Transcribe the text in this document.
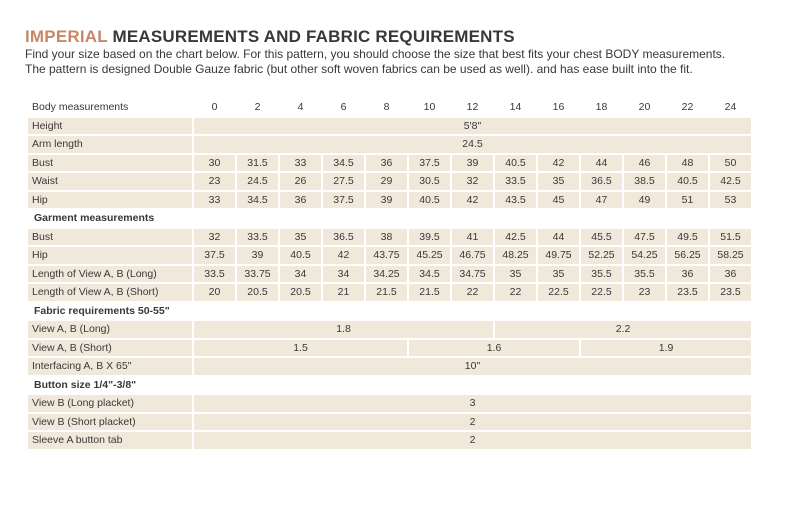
IMPERIAL MEASUREMENTS AND FABRIC REQUIREMENTS
Find your size based on the chart below. For this pattern, you should choose the size that best fits your chest BODY measurements.
The pattern is designed Double Gauze fabric (but other soft woven fabrics can be used as well). and has ease built into the fit.
Body measurements	0	2	4	6	8	10	12	14	16	18	20	22	24
Height	5'8"												
Arm length	24.5												
Bust	30	31.5	33	34.5	36	37.5	39	40.5	42	44	46	48	50
Waist	23	24.5	26	27.5	29	30.5	32	33.5	35	36.5	38.5	40.5	42.5
Hip	33	34.5	36	37.5	39	40.5	42	43.5	45	47	49	51	53
Garment measurements													
Bust	32	33.5	35	36.5	38	39.5	41	42.5	44	45.5	47.5	49.5	51.5
Hip	37.5	39	40.5	42	43.75	45.25	46.75	48.25	49.75	52.25	54.25	56.25	58.25
Length of View A, B (Long)	33.5	33.75	34	34	34.25	34.5	34.75	35	35	35.5	35.5	36	36
Length of View A, B (Short)	20	20.5	20.5	21	21.5	21.5	22	22	22.5	22.5	23	23.5	23.5
Fabric requirements 50-55"													
View A, B (Long)	1.8							2.2					
View A, B (Short)	1.5					1.6				1.9			
Interfacing A, B X 65"	10"												
Button size 1/4"-3/8"													
View B (Long placket)	3												
View B (Short placket)	2												
Sleeve A button tab	2												
